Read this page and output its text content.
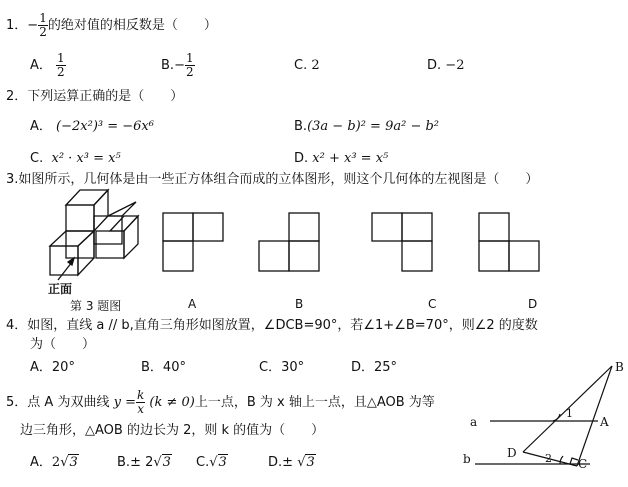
1．− $\frac{1}{2}$ 的绝对值的相反数是（　　）
A． $\frac{1}{2}$	$B.- \frac{1}{2}$	C. 2	D. −2
2．下列运算正确的是（　　）
A． (−2x²)³ = −6x⁶	B.(3a − b)² = 9a² − b²
C. x² · x³ = x⁵	D. x² + x³ = x⁵
3.如图所示，几何体是由一些正方体组合而成的立体图形，则这个几何体的左视图是（　　）
正面
第 3 题图	A	B	C	D
4．如图，直线 a // b,直角三角形如图放置，∠DCB=90°，若∠1+∠B=70°，则∠2 的度数
为（　　）
A．20°	B．40°	C．30°	D．25°
5．点 A 为双曲线 $y = \frac{k}{x} (k \ne 0)$上一点，B 为 x 轴上一点，且△AOB 为等
边三角形，△AOB 的边长为 2，则 k 的值为（　　）
A．2√3	B.± 2√3 C.√3	D.± √3
a
b
B
A
C
D
1
2
